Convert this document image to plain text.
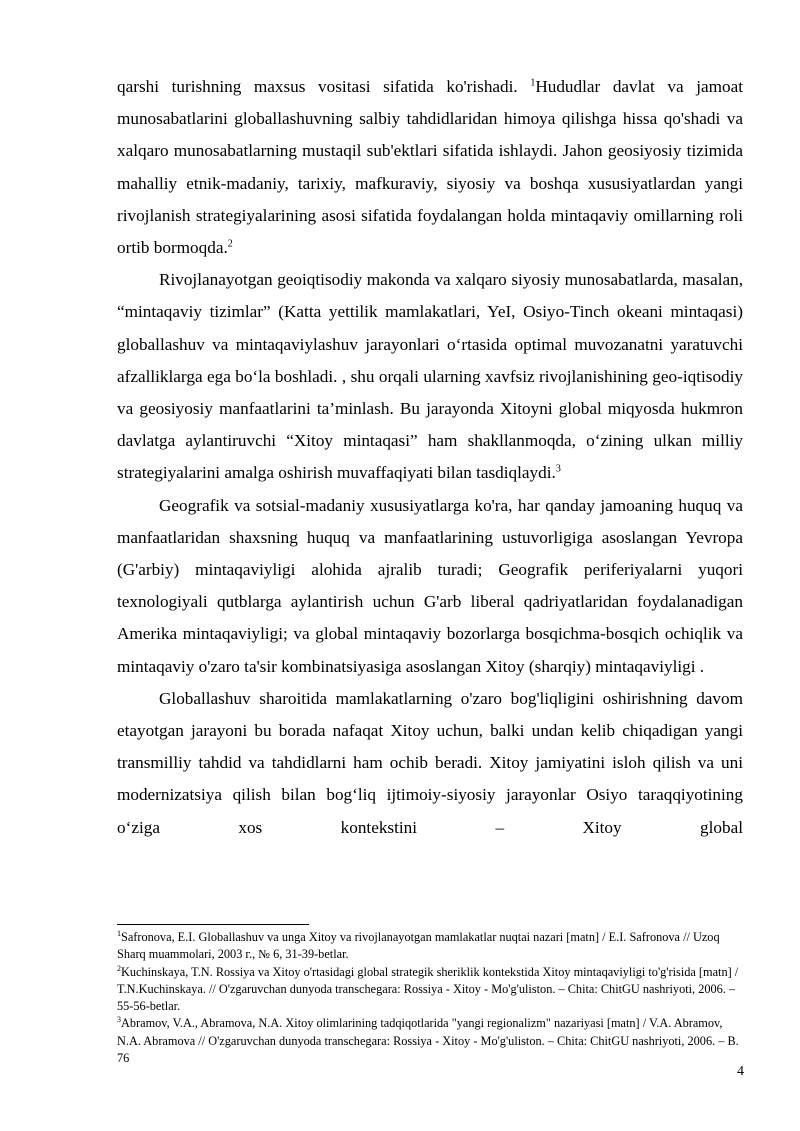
qarshi turishning maxsus vositasi sifatida ko'rishadi. $^1$Hududlar davlat va jamoat munosabatlarini globallashuvning salbiy tahdidlaridan himoya qilishga hissa qo'shadi va xalqaro munosabatlarning mustaqil sub'ektlari sifatida ishlaydi. Jahon geosiyosiy tizimida mahalliy etnik-madaniy, tarixiy, mafkuraviy, siyosiy va boshqa xususiyatlardan yangi rivojlanish strategiyalarining asosi sifatida foydalangan holda mintaqaviy omillarning roli ortib bormoqda.$^2$

Rivojlanayotgan geoiqtisodiy makonda va xalqaro siyosiy munosabatlarda, masalan, “mintaqaviy tizimlar” (Katta yettilik mamlakatlari, YeI, Osiyo-Tinch okeani mintaqasi) globallashuv va mintaqaviylashuv jarayonlari o‘rtasida optimal muvozanatni yaratuvchi afzalliklarga ega bo‘la boshladi. , shu orqali ularning xavfsiz rivojlanishining geo-iqtisodiy va geosiyosiy manfaatlarini ta’minlash. Bu jarayonda Xitoyni global miqyosda hukmron davlatga aylantiruvchi “Xitoy mintaqasi” ham shakllanmoqda, o‘zining ulkan milliy strategiyalarini amalga oshirish muvaffaqiyati bilan tasdiqlaydi.$^3$

Geografik va sotsial-madaniy xususiyatlarga ko'ra, har qanday jamoaning huquq va manfaatlaridan shaxsning huquq va manfaatlarining ustuvorligiga asoslangan Yevropa (G'arbiy) mintaqaviyligi alohida ajralib turadi; Geografik periferiyalarni yuqori texnologiyali qutblarga aylantirish uchun G'arb liberal qadriyatlaridan foydalanadigan Amerika mintaqaviyligi; va global mintaqaviy bozorlarga bosqichma-bosqich ochiqlik va mintaqaviy o'zaro ta'sir kombinatsiyasiga asoslangan Xitoy (sharqiy) mintaqaviyligi .

Globallashuv sharoitida mamlakatlarning o'zaro bog'liqligini oshirishning davom etayotgan jarayoni bu borada nafaqat Xitoy uchun, balki undan kelib chiqadigan yangi transmilliy tahdid va tahdidlarni ham ochib beradi. Xitoy jamiyatini isloh qilish va uni modernizatsiya qilish bilan bog‘liq ijtimoiy-siyosiy jarayonlar Osiyo taraqqiyotining o‘ziga xos kontekstini – Xitoy global

$^1$Safronova, E.I. Globallashuv va unga Xitoy va rivojlanayotgan mamlakatlar nuqtai nazari [matn] / E.I. Safronova // Uzoq Sharq muammolari, 2003 г., № 6, 31-39-betlar.

$^2$Kuchinskaya, T.N. Rossiya va Xitoy o'rtasidagi global strategik sheriklik kontekstida Xitoy mintaqaviyligi to'g'risida [matn] / T.N.Kuchinskaya. // O'zgaruvchan dunyoda transchegara: Rossiya - Xitoy - Mo'g'uliston. – Chita: ChitGU nashriyoti, 2006. – 55-56-betlar.

$^3$Abramov, V.A., Abramova, N.A. Xitoy olimlarining tadqiqotlarida "yangi regionalizm" nazariyasi [matn] / V.A. Abramov, N.A. Abramova // O'zgaruvchan dunyoda transchegara: Rossiya - Xitoy - Mo'g'uliston. – Chita: ChitGU nashriyoti, 2006. – B. 76

4
